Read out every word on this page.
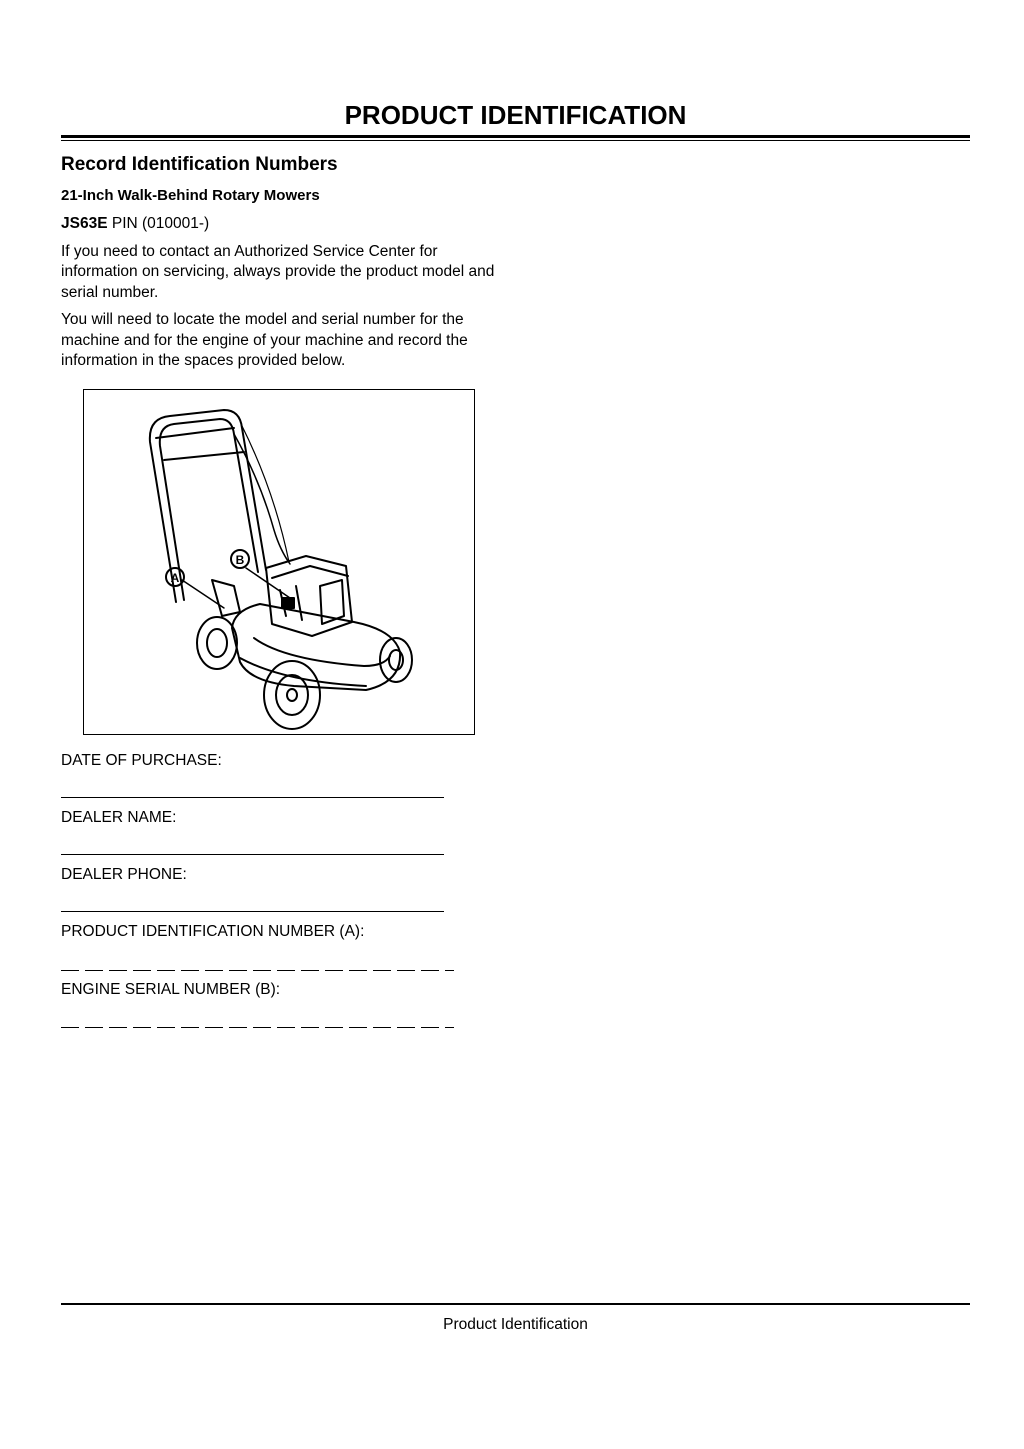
PRODUCT IDENTIFICATION
Record Identification Numbers
21-Inch Walk-Behind Rotary Mowers
JS63E PIN (010001-)
If you need to contact an Authorized Service Center for information on servicing, always provide the product model and serial number.
You will need to locate the model and serial number for the machine and for the engine of your machine and record the information in the spaces provided below.
A
B
DATE OF PURCHASE:
DEALER NAME:
DEALER PHONE:
PRODUCT IDENTIFICATION NUMBER (A):
ENGINE SERIAL NUMBER (B):
Product Identification
